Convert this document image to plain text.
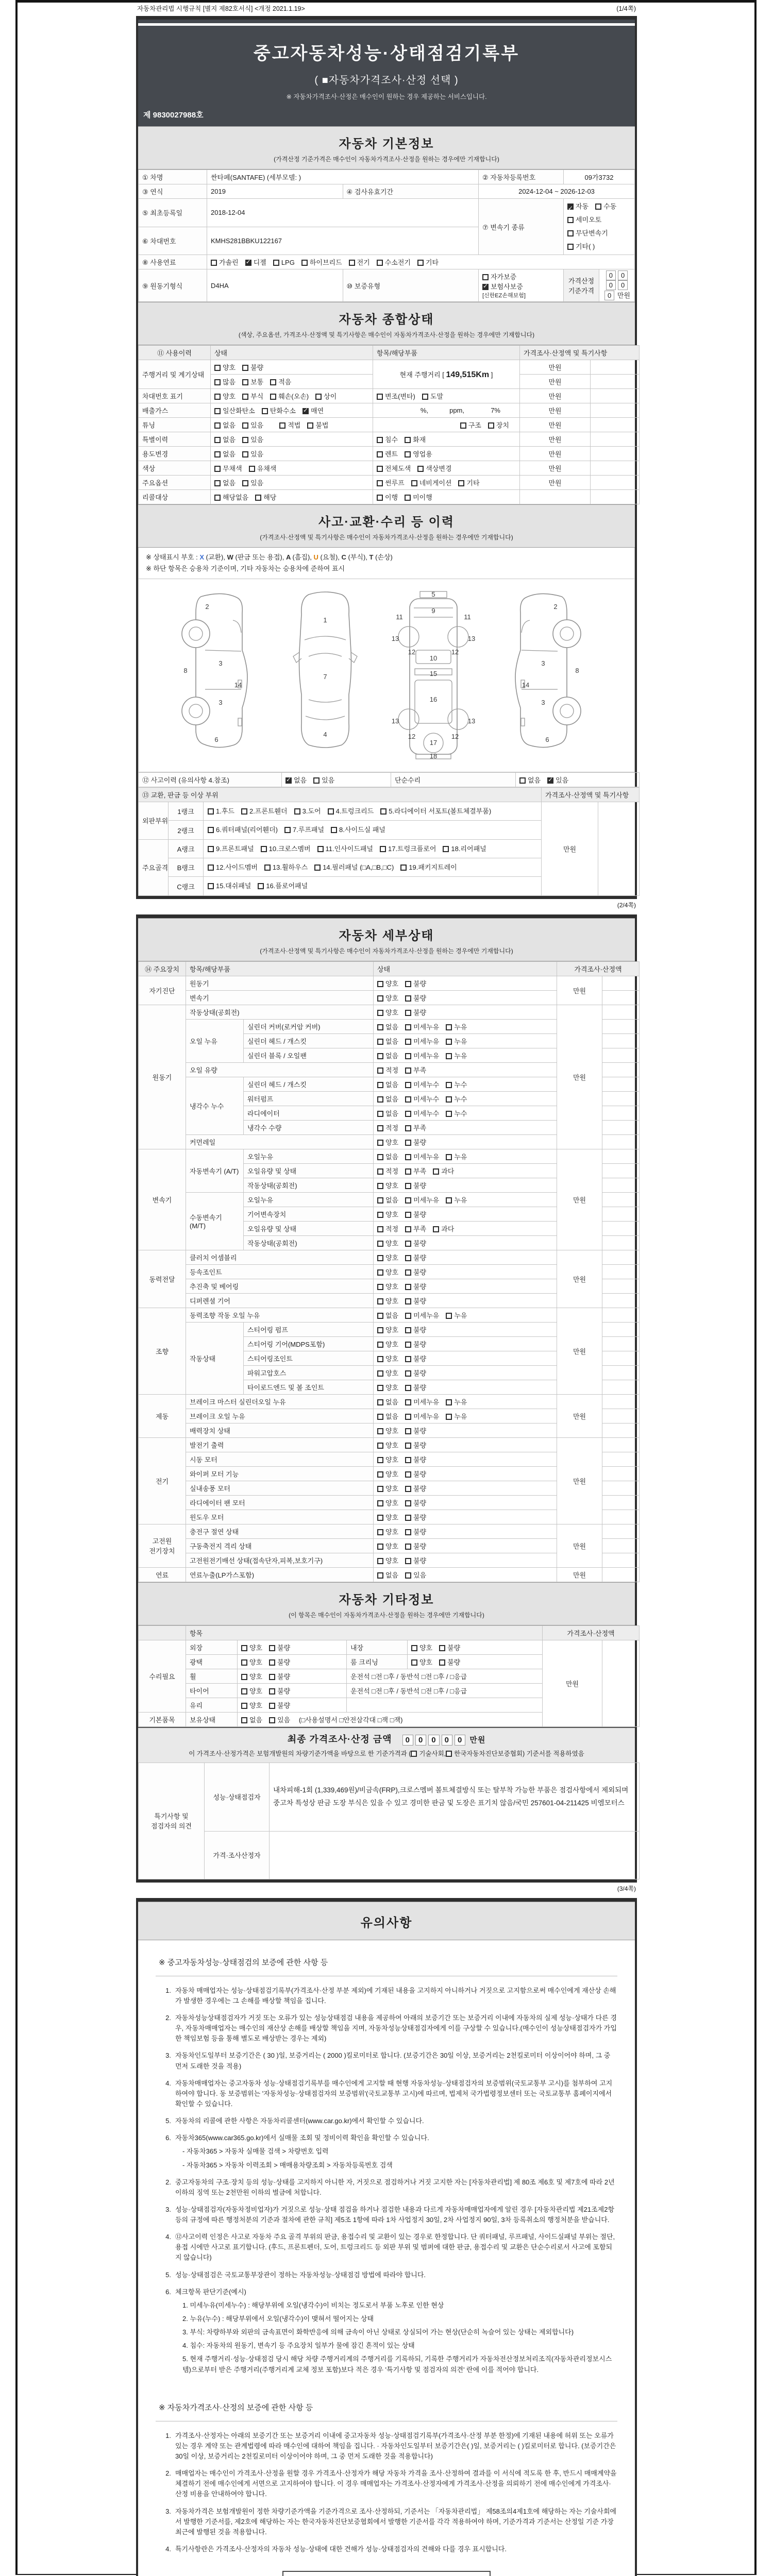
자동차관리법 시행규칙 [별지 제82호서식] <개정 2021.1.19>	(1/4쪽)
중고자동차성능·상태점검기록부
( ■자동차가격조사·산정 선택 )
※ 자동차가격조사·산정은 매수인이 원하는 경우 제공하는 서비스입니다.
제 9830027988호
자동차 기본정보
(가격산정 기준가격은 매수인이 자동차가격조사·산정을 원하는 경우에만 기재합니다)
① 차명	싼타페(SANTAFE) (세부모델: )		② 자동차등록번호	09가3732	
③ 연식	2019	④ 검사유효기간	2024-12-04 ~ 2026-12-03		
⑤ 최초등록일	2018-12-04		⑦ 변속기 종류	✓자동 수동세미오토무단변속기기타( )
⑥ 차대번호	KMHS281BBKU122167				
⑧ 사용연료	가솔린 ✓ 디젤 LPG 하이브리드 전기 수소전기 기타
⑨ 원동기형식	D4HA	⑩ 보증유형	자가보증✓보험사보증 [신한EZ손해보험]	가격산정 기준가격	0 00 00 만원
자동차 종합상태
(색상, 주요옵션, 가격조사·산정액 및 특기사항은 매수인이 자동차가격조사·산정을 원하는 경우에만 기재합니다)
⑪ 사용이력	상태	항목/해당부품	가격조사·산정액 및 특기사항	
주행거리 및 계기상태	양호 불량	현재 주행거리 [ 149,515Km ]	만원	
	많음 보통 적음		만원	
차대번호 표기	양호 부식 훼손(오손) 상이	변조(변타) 도말	만원	
배출가스	일산화탄소 탄화수소 ✓ 매연	%, ppm, 7%	만원	
튜닝	없음 있음 적법 불법	구조 장치	만원	
특별이력	없음 있음	침수 화재	만원	
용도변경	없음 있음	렌트 영업용	만원	
색상	무채색 유채색	전체도색 색상변경	만원	
주요옵션	없음 있음	썬루프 네비게이션 기타	만원	
리콜대상	해당없음 해당	이행 미이행		
사고·교환·수리 등 이력
(가격조사·산정액 및 특기사항은 매수인이 자동차가격조사·산정을 원하는 경우에만 기재합니다)
※ 상태표시 부호 : X (교환), W (판금 또는 용접), A (흠집), U (요철), C (부식), T (손상)
※ 하단 항목은 승용차 기준이며, 기타 자동차는 승용차에 준하여 표시
2
8
3
14
3
6
1
7
4
5
9
11	11
13	13
12	12
10
15
16
13	13
12	12
17
18
2
3
8
14
3
6
⑫ 사고이력 (유의사항 4.참조)	✓없음 있음	단순수리	없음 ✓ 있음
⑬ 교환, 판금 등 이상 부위			가격조사·산정액 및 특기사항	
외판부위	1랭크	1.후드 2.프론트휀더 3.도어 4.트렁크리드 5.라디에이터 서포트(볼트체결부품)	만원	
	2랭크	6.쿼터패널(리어휀더) 7.루프패널 8.사이드실 패널		
주요골격	A랭크	9.프론트패널 10.크로스멤버 11.인사이드패널 17.트렁크플로어 18.리어패널		
	B랭크	12.사이드멤버 13.휠하우스 14.필러패널 (□A,□B,□C) 19.패키지트레이		
	C랭크	15.대쉬패널 16.플로어패널		
(2/4쪽)
자동차 세부상태
(가격조사·산정액 및 특기사항은 매수인이 자동차가격조사·산정을 원하는 경우에만 기재합니다)
⑭ 주요장치	항목/해당부품		상태	가격조사·산정액	
자기진단	원동기		양호 불량	만원	
	변속기		양호 불량		
원동기	작동상태(공회전)		양호 불량	만원	
	오일 누유	실린더 커버(로커암 커버)	없음 미세누유 누유		
		실린더 헤드 / 개스킷	없음 미세누유 누유		
		실린더 블록 / 오일팬	없음 미세누유 누유		
	오일 유량		적정 부족		
	냉각수 누수	실린더 헤드 / 개스킷	없음 미세누수 누수		
		워터펌프	없음 미세누수 누수		
		라디에이터	없음 미세누수 누수		
		냉각수 수량	적정 부족		
	커먼레일		양호 불량		
변속기	자동변속기 (A/T)	오일누유	없음 미세누유 누유	만원	
		오일유량 및 상태	적정 부족 과다		
		작동상태(공회전)	양호 불량		
	수동변속기 (M/T)	오일누유	없음 미세누유 누유		
		기어변속장치	양호 불량		
		오일유량 및 상태	적정 부족 과다		
		작동상태(공회전)	양호 불량		
동력전달	클러치 어셈블리		양호 불량	만원	
	등속조인트		양호 불량		
	추진축 및 베어링		양호 불량		
	디퍼렌셜 기어		양호 불량		
조향	동력조향 작동 오일 누유		없음 미세누유 누유	만원	
	작동상태	스티어링 펌프	양호 불량		
		스티어링 기어(MDPS포함)	양호 불량		
		스티어링조인트	양호 불량		
		파워고압호스	양호 불량		
		타이로드엔드 및 볼 조인트	양호 불량		
제동	브레이크 마스터 실린더오일 누유		없음 미세누유 누유	만원	
	브레이크 오일 누유		없음 미세누유 누유		
	배력장치 상태		양호 불량		
전기	발전기 출력		양호 불량	만원	
	시동 모터		양호 불량		
	와이퍼 모터 기능		양호 불량		
	실내송풍 모터		양호 불량		
	라디에이터 팬 모터		양호 불량		
	윈도우 모터		양호 불량		
고전원 전기장치	충전구 절연 상태		양호 불량	만원	
	구동축전지 격리 상태		양호 불량		
	고전원전기배선 상태(접속단자,피복,보호기구)		양호 불량		
연료	연료누출(LP가스포함)		없음 있음	만원	
자동차 기타정보
(이 항목은 매수인이 자동차가격조사·산정을 원하는 경우에만 기재합니다)
	항목				가격조사·산정액	
수리필요	외장	양호 불량	내장	양호 불량	만원	
	광택	양호 불량	룸 크리닝	양호 불량		
	휠	양호 불량	운전석 □전 □후 / 동반석 □전 □후 / □응급			
	타이어	양호 불량	운전석 □전 □후 / 동반석 □전 □후 / □응급			
	유리	양호 불량				
기본품목	보유상태	없음 있음 (□사용설명서 □안전삼각대 □잭 □잭)				
최종 가격조사·산정 금액 0 0 0 0 0 만원
이 가격조사·산정가격은 보험개발원의 차량기준가액을 바탕으로 한 기준가격과 ( 기술사회, 한국자동차진단보증협회) 기준서를 적용하였음
특기사항 및 점검자의 의견	성능·상태점검자	내차피해-1회 (1,339,469원)/비금속(FRP),크로스멤버 볼트체결방식 또는 탈부착 가능한 부품은 점검사항에서 제외되며 중고차 특성상 판금 도장 부식은 있을 수 있고 경미한 판금 및 도장은 표기치 않음/국민 257601-04-211425 비엠모터스

	가격·조사산정자	
(3/4쪽)
유의사항
※ 중고자동차성능·상태점검의 보증에 관한 사항 등
1. 자동차 매매업자는 성능·상태점검기록부(가격조사·산정 부분 제외)에 기재된 내용을 고지하지 아니하거나 거짓으로 고지함으로써 매수인에게 재산상 손해가 발생한 경우에는 그 손해를 배상할 책임을 집니다.
2. 자동차성능상태점검자가 거짓 또는 오류가 있는 성능상태점검 내용을 제공하여 아래의 보증기간 또는 보증거리 이내에 자동차의 실제 성능·상태가 다른 경우, 자동차매매업자는 매수인의 재산상 손해를 배상할 책임을 지며, 자동차성능상태점검자에게 이를 구상할 수 있습니다.(매수인이 성능상태점검자가 가입한 책임보험 등을 통해 별도로 배상받는 경우는 제외)
3. 자동차인도일부터 보증기간은 ( 30 )일, 보증거리는 ( 2000 )킬로미터로 합니다. (보증기간은 30일 이상, 보증거리는 2천킬로미터 이상이어야 하며, 그 중 먼저 도래한 것을 적용)
4. 자동차매매업자는 중고자동차 성능·상태점검기록부를 매수인에게 고지할 때 현행 자동차성능·상태점검자의 보증범위(국토교통부 고시)를 첨부하여 고지하여야 합니다. 동 보증범위는 '자동차성능·상태점검자의 보증범위'(국토교통부 고시)에 따르며, 법제처 국가법령정보센터 또는 국토교통부 홈페이지에서 확인할 수 있습니다.
5. 자동차의 리콜에 관한 사항은 자동차리콜센터(www.car.go.kr)에서 확인할 수 있습니다.
6. 자동차365(www.car365.go.kr)에서 실매물 조회 및 정비이력 확인을 확인할 수 있습니다.
- 자동차365 > 자동차 실매물 검색 > 차량번호 입력
- 자동차365 > 자동차 이력조회 > 매매용차량조회 > 자동차등록번호 검색
2. 중고자동차의 구조·장치 등의 성능·상태를 고지하지 아니한 자, 거짓으로 점검하거나 거짓 고지한 자는 [자동차관리법] 제 80조 제6호 및 제7호에 따라 2년 이하의 징역 또는 2천만원 이하의 벌금에 처합니다.
3. 성능·상태점검자(자동차정비업자)가 거짓으로 성능·상태 점검을 하거나 점검한 내용과 다르게 자동차매매업자에게 알린 경우 [자동차관리법 제21조제2항 등의 규정에 따른 행정처분의 기준과 절차에 관한 규칙] 제5조 1항에 따라 1차 사업정지 30일, 2차 사업정지 90일, 3차 등록취소의 행정처분을 받습니다.
4. ⑫사고이력 인정은 사고로 자동차 주요 골격 부위의 판금, 용접수리 및 교환이 있는 경우로 한정합니다. 단 쿼터패널, 루프패널, 사이드실패널 부위는 절단, 용접 시에만 사고로 표기합니다. (후드, 프론트펜더, 도어, 트렁크리드 등 외판 부위 및 범퍼에 대한 판금, 용접수리 및 교환은 단순수리로서 사고에 포함되지 않습니다)
5. 성능·상태점검은 국토교통부장관이 정하는 자동차성능·상태점검 방법에 따라야 합니다.
6. 체크항목 판단기준(예시)
1. 미세누유(미세누수) : 해당부위에 오일(냉각수)이 비치는 정도로서 부품 노후로 인한 현상
2. 누유(누수) : 해당부위에서 오일(냉각수)이 맺혀서 떨어지는 상태
3. 부식: 차량하부와 외판의 금속표면이 화학반응에 의해 금속이 아닌 상태로 상실되어 가는 현상(단순히 녹슬어 있는 상태는 제외합니다)
4. 침수: 자동차의 원동기, 변속기 등 주요장치 일부가 물에 잠긴 흔적이 있는 상태
5. 현재 주행거리·성능·상태점검 당시 해당 차량 주행거리계의 주행거리를 기록하되, 기록한 주행거리가 자동차전산정보처리조직(자동차관리정보시스템)으로부터 받은 주행거리(주행거리계 교체 정보 포함)보다 적은 경우 '특기사항 및 점검자의 의견' 란에 이를 적어야 합니다.
※ 자동차가격조사·산정의 보증에 관한 사항 등
1. 가격조사·산정자는 아래의 보증기간 또는 보증거리 이내에 중고자동차 성능·상태점검기록부(가격조사·산정 부분 한정)에 기재된 내용에 허위 또는 오류가 있는 경우 계약 또는 관계법령에 따라 매수인에 대하여 책임을 집니다. · 자동차인도일부터 보증기간은( )일, 보증거리는 ( )킬로미터로 합니다. (보증기간은 30일 이상, 보증거리는 2천킬로미터 이상이어야 하며, 그 중 먼저 도래한 것을 적용합니다)
2. 매매업자는 매수인이 가격조사·산정을 원할 경우 가격조사·산정자가 해당 자동차 가격을 조사·산정하여 결과를 이 서식에 적도록 한 후, 반드시 매매계약을 체결하기 전에 매수인에게 서면으로 고지하여야 합니다. 이 경우 매매업자는 가격조사·산정자에게 가격조사·산정을 의뢰하기 전에 매수인에게 가격조사·산정 비용을 안내하여야 합니다.
3. 자동차가격은 보험개발원이 정한 차량기준가액을 기준가격으로 조사·산정하되, 기준서는 「자동차관리법」 제58조의4제1호에 해당하는 자는 기술사회에서 발행한 기준서를, 제2호에 해당하는 자는 한국자동차진단보증협회에서 발행한 기준서를 각각 적용하여야 하며, 기준가격과 기준서는 산정일 기준 가장 최근에 발행된 것을 적용합니다.
4. 특기사항란은 가격조사·산정자의 자동차 성능·상태에 대한 견해가 성능·상태점검자의 견해와 다를 경우 표시합니다.
